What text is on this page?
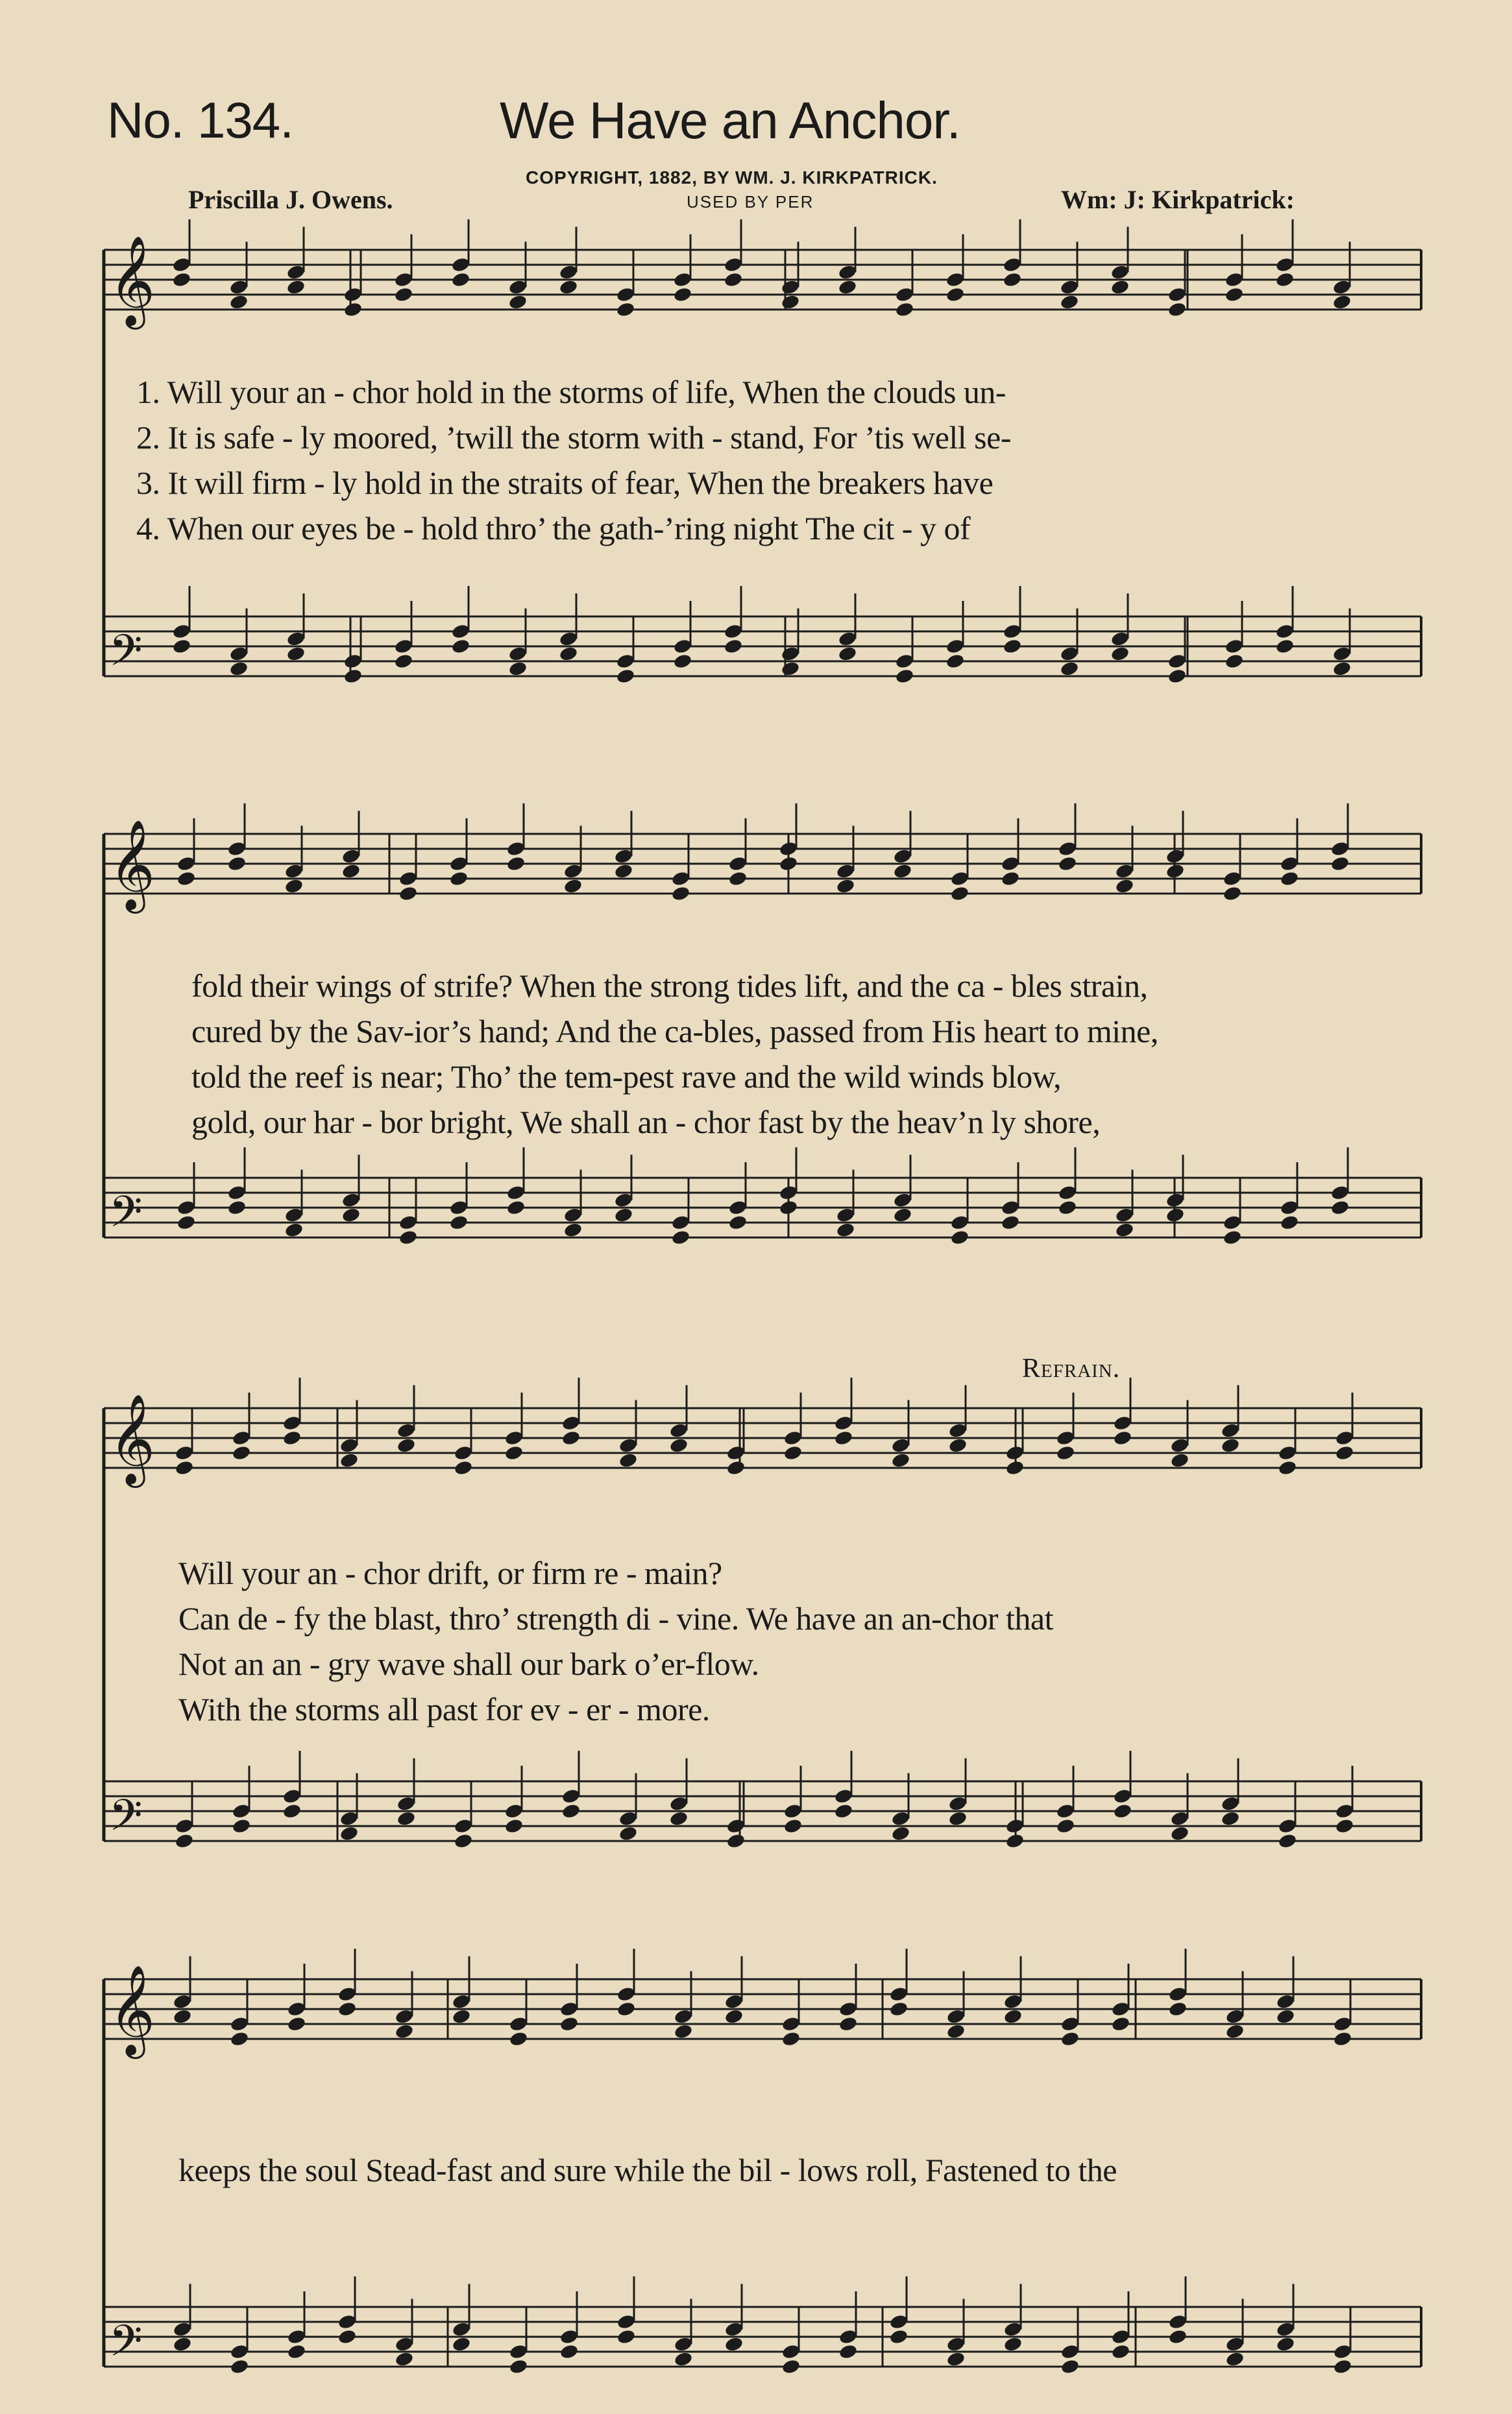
No. 134.	We Have an Anchor.
COPYRIGHT, 1882, BY WM. J. KIRKPATRICK.
USED BY PER
Priscilla J. Owens.	Wm: J: Kirkpatrick:
𝄞
𝄢
𝄞
𝄢
𝄞
𝄢
𝄞
𝄢
1. Will your an - chor hold in the storms of life, When the clouds un-
2. It is safe - ly moored, ’twill the storm with - stand, For ’tis well se-
3. It will firm - ly hold in the straits of fear, When the breakers have
4. When our eyes be - hold thro’ the gath-’ring night The cit - y of
fold their wings of strife? When the strong tides lift, and the ca - bles strain,
cured by the Sav-ior’s hand; And the ca-bles, passed from His heart to mine,
told the reef is near; Tho’ the tem-pest rave and the wild winds blow,
gold, our har - bor bright, We shall an - chor fast by the heav’n ly shore,
Refrain.
Will your an - chor drift, or firm re - main?
Can de - fy the blast, thro’ strength di - vine. We have an an-chor that
Not an an - gry wave shall our bark o’er-flow.
With the storms all past for ev - er - more.
keeps the soul Stead-fast and sure while the bil - lows roll, Fastened to the
